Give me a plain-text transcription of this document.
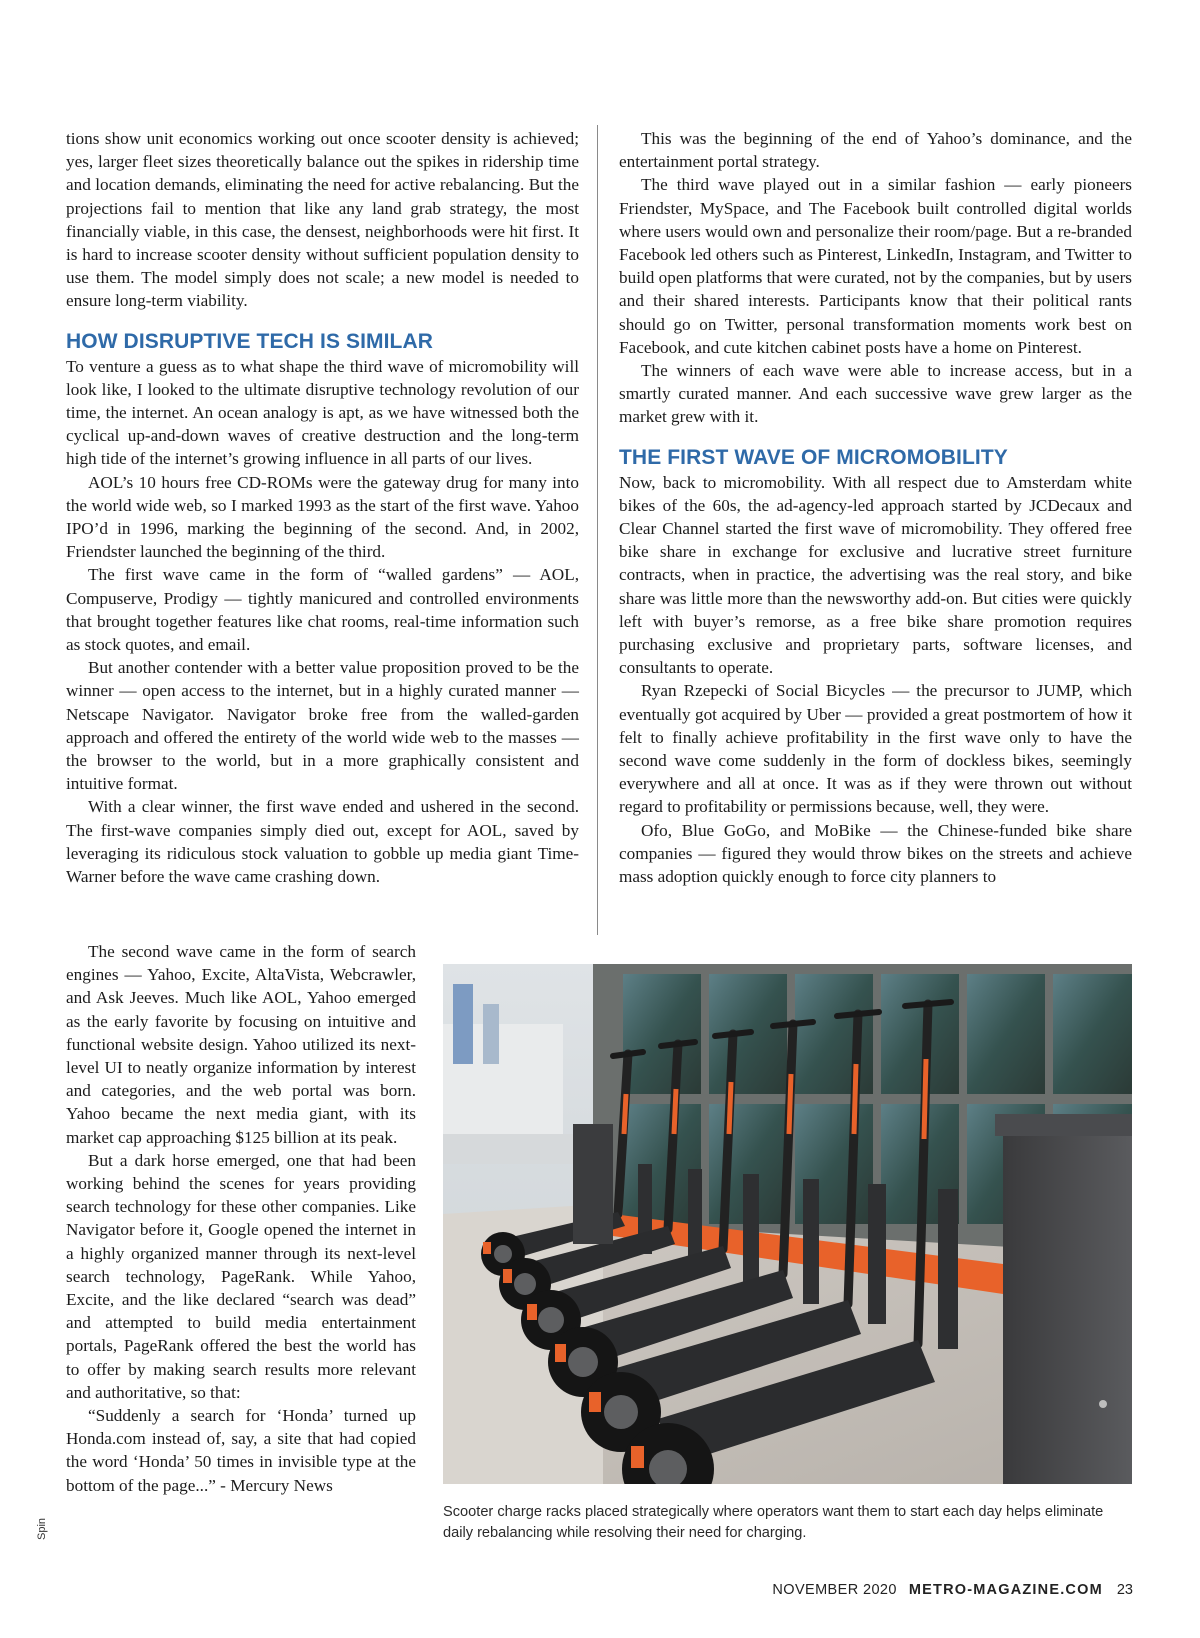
tions show unit economics working out once scooter density is achieved; yes, larger fleet sizes theoretically balance out the spikes in ridership time and location demands, eliminating the need for active rebalancing. But the projections fail to mention that like any land grab strategy, the most financially viable, in this case, the densest, neighborhoods were hit first. It is hard to increase scooter density without sufficient population density to use them. The model simply does not scale; a new model is needed to ensure long-term viability.

HOW DISRUPTIVE TECH IS SIMILAR

To venture a guess as to what shape the third wave of micromobility will look like, I looked to the ultimate disruptive technology revolution of our time, the internet. An ocean analogy is apt, as we have witnessed both the cyclical up-and-down waves of creative destruction and the long-term high tide of the internet’s growing influence in all parts of our lives.

AOL’s 10 hours free CD-ROMs were the gateway drug for many into the world wide web, so I marked 1993 as the start of the first wave. Yahoo IPO’d in 1996, marking the beginning of the second. And, in 2002, Friendster launched the beginning of the third.

The first wave came in the form of “walled gardens” — AOL, Compuserve, Prodigy — tightly manicured and controlled environments that brought together features like chat rooms, real-time information such as stock quotes, and email.

But another contender with a better value proposition proved to be the winner — open access to the internet, but in a highly curated manner — Netscape Navigator. Navigator broke free from the walled-garden approach and offered the entirety of the world wide web to the masses — the browser to the world, but in a more graphically consistent and intuitive format.

With a clear winner, the first wave ended and ushered in the second. The first-wave companies simply died out, except for AOL, saved by leveraging its ridiculous stock valuation to gobble up media giant Time-Warner before the wave came crashing down.

The second wave came in the form of search engines — Yahoo, Excite, AltaVista, Webcrawler, and Ask Jeeves. Much like AOL, Yahoo emerged as the early favorite by focusing on intuitive and functional website design. Yahoo utilized its next-level UI to neatly organize information by interest and categories, and the web portal was born. Yahoo became the next media giant, with its market cap approaching $125 billion at its peak.

But a dark horse emerged, one that had been working behind the scenes for years providing search technology for these other companies. Like Navigator before it, Google opened the internet in a highly organized manner through its next-level search technology, PageRank. While Yahoo, Excite, and the like declared “search was dead” and attempted to build media entertainment portals, PageRank offered the best the world has to offer by making search results more relevant and authoritative, so that:

“Suddenly a search for ‘Honda’ turned up Honda.com instead of, say, a site that had copied the word ‘Honda’ 50 times in invisible type at the bottom of the page...” - Mercury News

This was the beginning of the end of Yahoo’s dominance, and the entertainment portal strategy.

The third wave played out in a similar fashion — early pioneers Friendster, MySpace, and The Facebook built controlled digital worlds where users would own and personalize their room/page. But a re-branded Facebook led others such as Pinterest, LinkedIn, Instagram, and Twitter to build open platforms that were curated, not by the companies, but by users and their shared interests. Participants know that their political rants should go on Twitter, personal transformation moments work best on Facebook, and cute kitchen cabinet posts have a home on Pinterest.

The winners of each wave were able to increase access, but in a smartly curated manner. And each successive wave grew larger as the market grew with it.

THE FIRST WAVE OF MICROMOBILITY

Now, back to micromobility. With all respect due to Amsterdam white bikes of the 60s, the ad-agency-led approach started by JCDecaux and Clear Channel started the first wave of micromobility. They offered free bike share in exchange for exclusive and lucrative street furniture contracts, when in practice, the advertising was the real story, and bike share was little more than the newsworthy add-on. But cities were quickly left with buyer’s remorse, as a free bike share promotion requires purchasing exclusive and proprietary parts, software licenses, and consultants to operate.

Ryan Rzepecki of Social Bicycles — the precursor to JUMP, which eventually got acquired by Uber — provided a great postmortem of how it felt to finally achieve profitability in the first wave only to have the second wave come suddenly in the form of dockless bikes, seemingly everywhere and all at once. It was as if they were thrown out without regard to profitability or permissions because, well, they were.

Ofo, Blue GoGo, and MoBike — the Chinese-funded bike share companies — figured they would throw bikes on the streets and achieve mass adoption quickly enough to force city planners to

Scooter charge racks placed strategically where operators want them to start each day helps eliminate daily rebalancing while resolving their need for charging.

Spin
NOVEMBER 2020 METRO-MAGAZINE.COM 23
